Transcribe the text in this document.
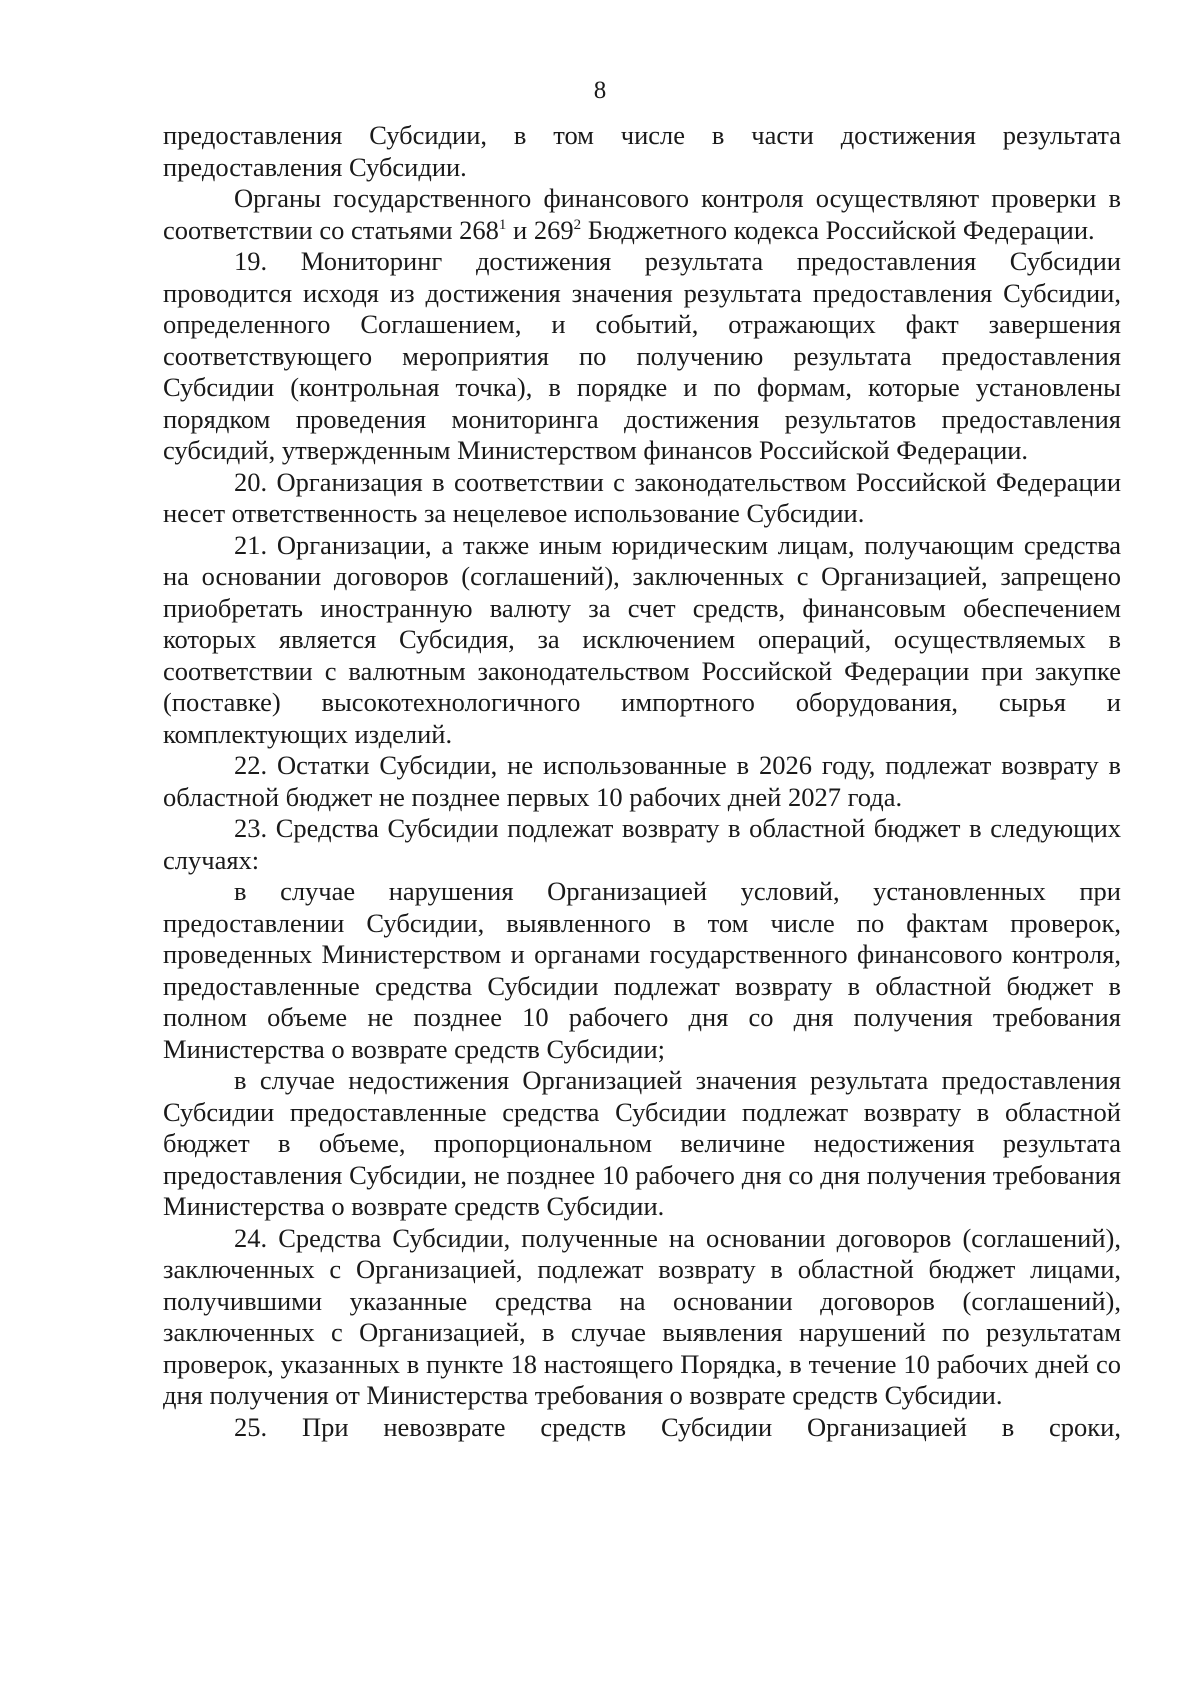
8

предоставления Субсидии, в том числе в части достижения результата предоставления Субсидии.

Органы государственного финансового контроля осуществляют проверки в соответствии со статьями $268^1$ и $269^2$ Бюджетного кодекса Российской Федерации.

19. Мониторинг достижения результата предоставления Субсидии проводится исходя из достижения значения результата предоставления Субсидии, определенного Соглашением, и событий, отражающих факт завершения соответствующего мероприятия по получению результата предоставления Субсидии (контрольная точка), в порядке и по формам, которые установлены порядком проведения мониторинга достижения результатов предоставления субсидий, утвержденным Министерством финансов Российской Федерации.

20. Организация в соответствии с законодательством Российской Федерации несет ответственность за нецелевое использование Субсидии.

21. Организации, а также иным юридическим лицам, получающим средства на основании договоров (соглашений), заключенных с Организацией, запрещено приобретать иностранную валюту за счет средств, финансовым обеспечением которых является Субсидия, за исключением операций, осуществляемых в соответствии с валютным законодательством Российской Федерации при закупке (поставке) высокотехнологичного импортного оборудования, сырья и комплектующих изделий.

22. Остатки Субсидии, не использованные в 2026 году, подлежат возврату в областной бюджет не позднее первых 10 рабочих дней 2027 года.

23. Средства Субсидии подлежат возврату в областной бюджет в следующих случаях:

в случае нарушения Организацией условий, установленных при предоставлении Субсидии, выявленного в том числе по фактам проверок, проведенных Министерством и органами государственного финансового контроля, предоставленные средства Субсидии подлежат возврату в областной бюджет в полном объеме не позднее 10 рабочего дня со дня получения требования Министерства о возврате средств Субсидии;

в случае недостижения Организацией значения результата предоставления Субсидии предоставленные средства Субсидии подлежат возврату в областной бюджет в объеме, пропорциональном величине недостижения результата предоставления Субсидии, не позднее 10 рабочего дня со дня получения требования Министерства о возврате средств Субсидии.

24. Средства Субсидии, полученные на основании договоров (соглашений), заключенных с Организацией, подлежат возврату в областной бюджет лицами, получившими указанные средства на основании договоров (соглашений), заключенных с Организацией, в случае выявления нарушений по результатам проверок, указанных в пункте 18 настоящего Порядка, в течение 10 рабочих дней со дня получения от Министерства требования о возврате средств Субсидии.

25. При невозврате средств Субсидии Организацией в сроки,
